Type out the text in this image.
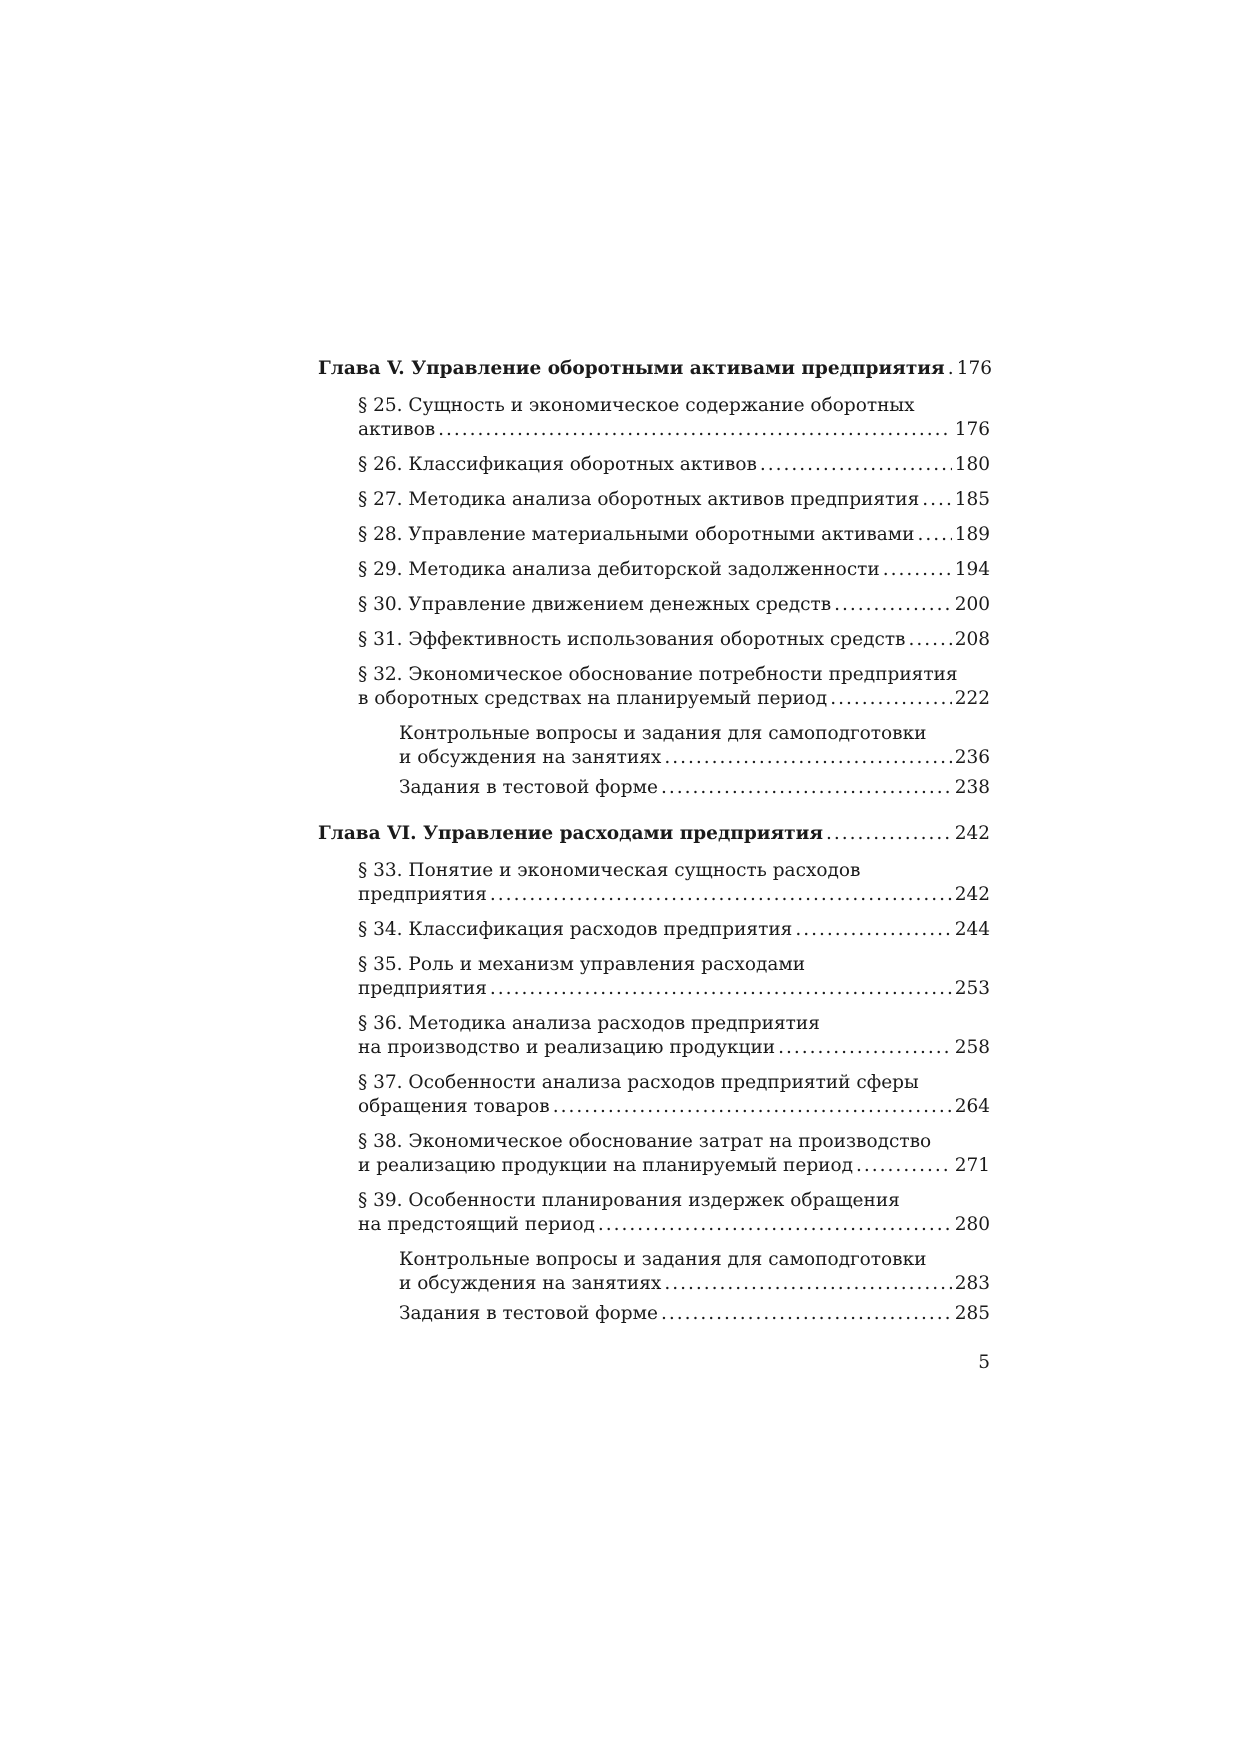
Глава V. Управление оборотными активами предприятия ..... 176
§ 25. Сущность и экономическое содержание оборотных
активов .....	176
§ 26. Классификация оборотных активов .....	180
§ 27. Методика анализа оборотных активов предприятия ..... 185
§ 28. Управление материальными оборотными активами ..... 189
§ 29. Методика анализа дебиторской задолженности .....	194
§ 30. Управление движением денежных средств .....	200
§ 31. Эффективность использования оборотных средств .....	208
§ 32. Экономическое обоснование потребности предприятия
в оборотных средствах на планируемый период .....	222
Контрольные вопросы и задания для самоподготовки
и обсуждения на занятиях .....	236
Задания в тестовой форме .....	238
Глава VI. Управление расходами предприятия .....	242
§ 33. Понятие и экономическая сущность расходов
предприятия .....	242
§ 34. Классификация расходов предприятия .....	244
§ 35. Роль и механизм управления расходами
предприятия .....	253
§ 36. Методика анализа расходов предприятия
на производство и реализацию продукции .....	258
§ 37. Особенности анализа расходов предприятий сферы
обращения товаров .....	264
§ 38. Экономическое обоснование затрат на производство
и реализацию продукции на планируемый период .....	271
§ 39. Особенности планирования издержек обращения
на предстоящий период .....	280
Контрольные вопросы и задания для самоподготовки
и обсуждения на занятиях .....	283
Задания в тестовой форме .....	285
5
